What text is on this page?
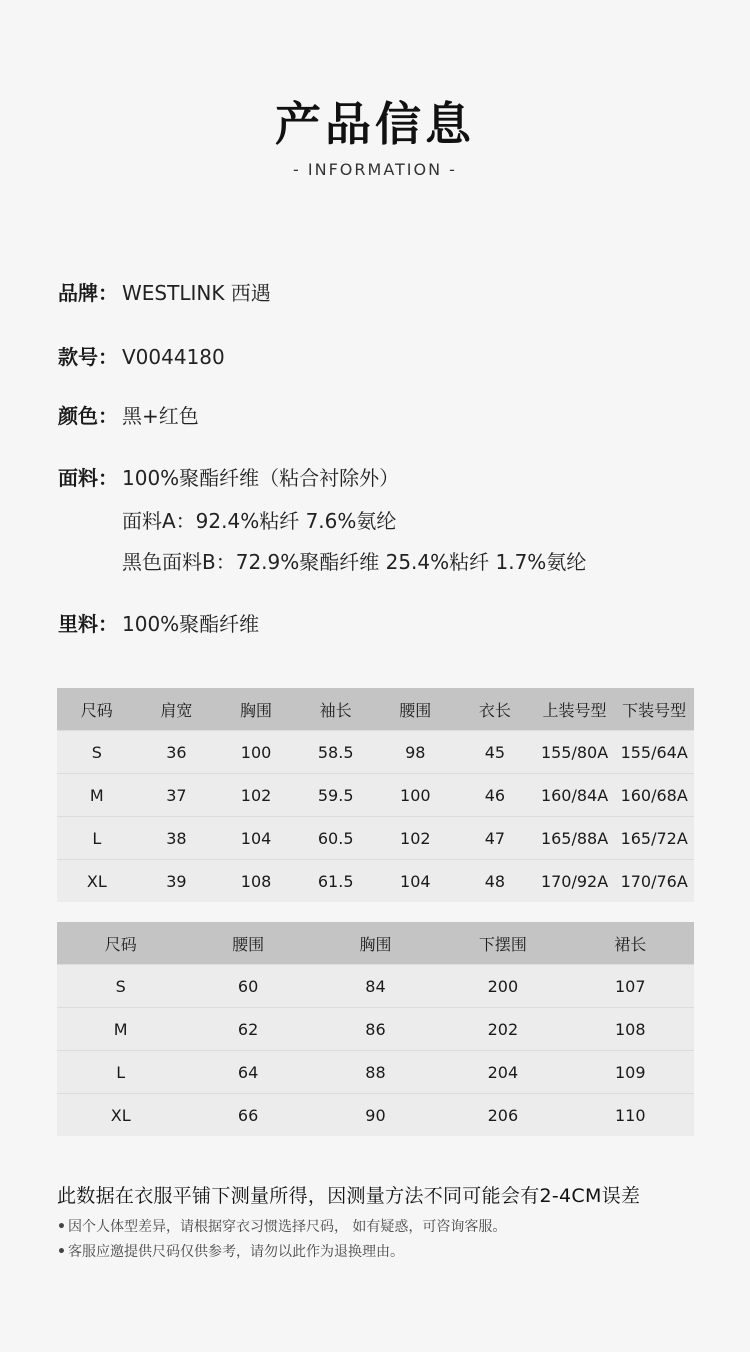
产品信息
- INFORMATION -
品牌： WESTLINK 西遇
款号： V0044180
颜色： 黑+红色
面料： 100%聚酯纤维（粘合衬除外）
面料A：92.4%粘纤 7.6%氨纶
黑色面料B：72.9%聚酯纤维 25.4%粘纤 1.7%氨纶
里料： 100%聚酯纤维
尺码	肩宽	胸围	袖长	腰围	衣长	上装号型	下装号型
S	36	100	58.5	98	45	155/80A	155/64A
M	37	102	59.5	100	46	160/84A	160/68A
L	38	104	60.5	102	47	165/88A	165/72A
XL	39	108	61.5	104	48	170/92A	170/76A
尺码	腰围	胸围	下摆围	裙长
S	60	84	200	107
M	62	86	202	108
L	64	88	204	109
XL	66	90	206	110
此数据在衣服平铺下测量所得，因测量方法不同可能会有2-4CM误差
• 因个人体型差异，请根据穿衣习惯选择尺码， 如有疑惑，可咨询客服。
• 客服应邀提供尺码仅供参考，请勿以此作为退换理由。
